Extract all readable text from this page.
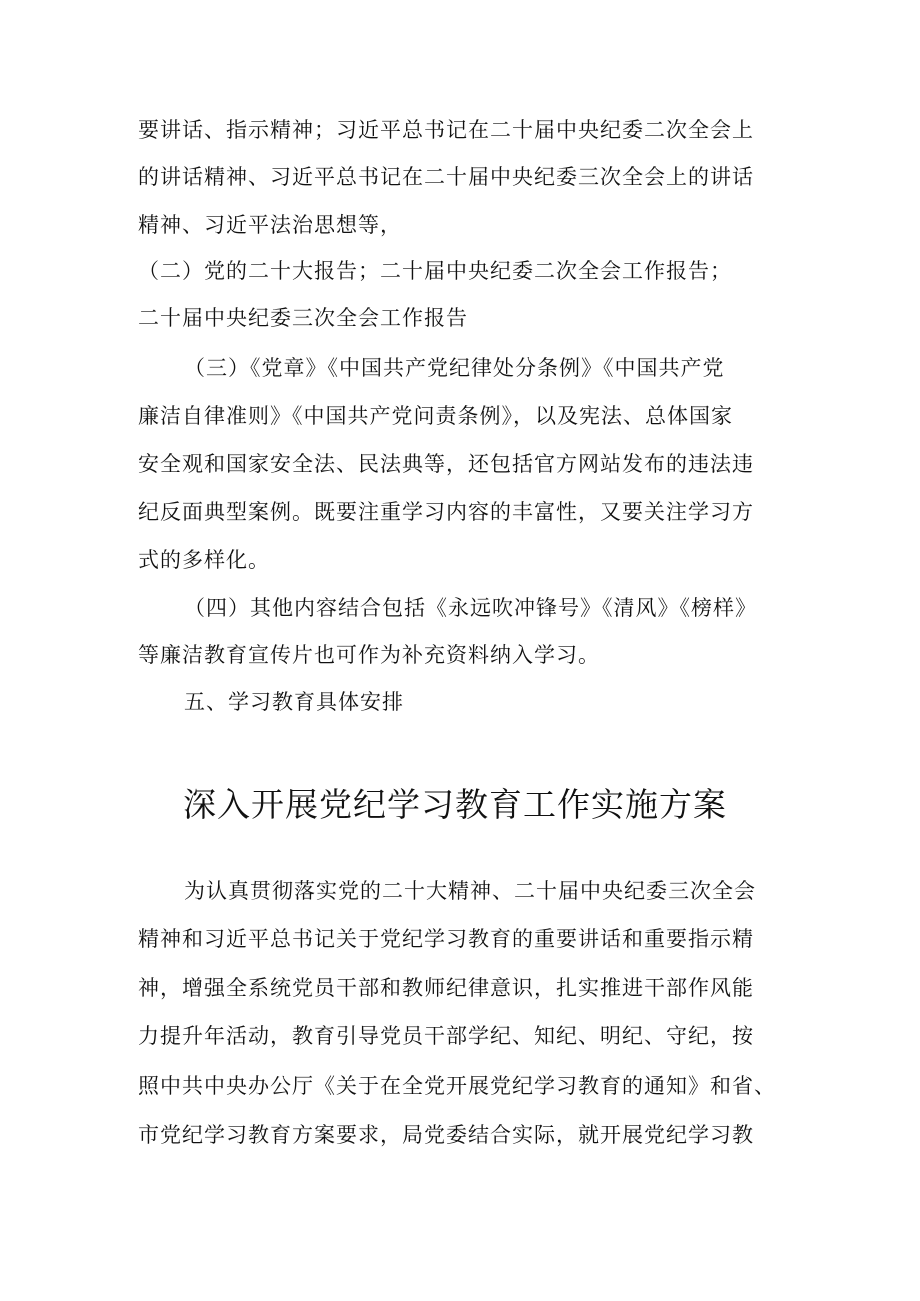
要讲话、指示精神；习近平总书记在二十届中央纪委二次全会上
的讲话精神、习近平总书记在二十届中央纪委三次全会上的讲话
精神、习近平法治思想等，
（二）党的二十大报告；二十届中央纪委二次全会工作报告；
二十届中央纪委三次全会工作报告
（三）《党章》《中国共产党纪律处分条例》《中国共产党
廉洁自律准则》《中国共产党问责条例》，以及宪法、总体国家
安全观和国家安全法、民法典等，还包括官方网站发布的违法违
纪反面典型案例。既要注重学习内容的丰富性，又要关注学习方
式的多样化。
（四）其他内容结合包括《永远吹冲锋号》《清风》《榜样》
等廉洁教育宣传片也可作为补充资料纳入学习。
五、学习教育具体安排
深入开展党纪学习教育工作实施方案
为认真贯彻落实党的二十大精神、二十届中央纪委三次全会
精神和习近平总书记关于党纪学习教育的重要讲话和重要指示精
神，增强全系统党员干部和教师纪律意识，扎实推进干部作风能
力提升年活动，教育引导党员干部学纪、知纪、明纪、守纪，按
照中共中央办公厅《关于在全党开展党纪学习教育的通知》和省、
市党纪学习教育方案要求，局党委结合实际，就开展党纪学习教
